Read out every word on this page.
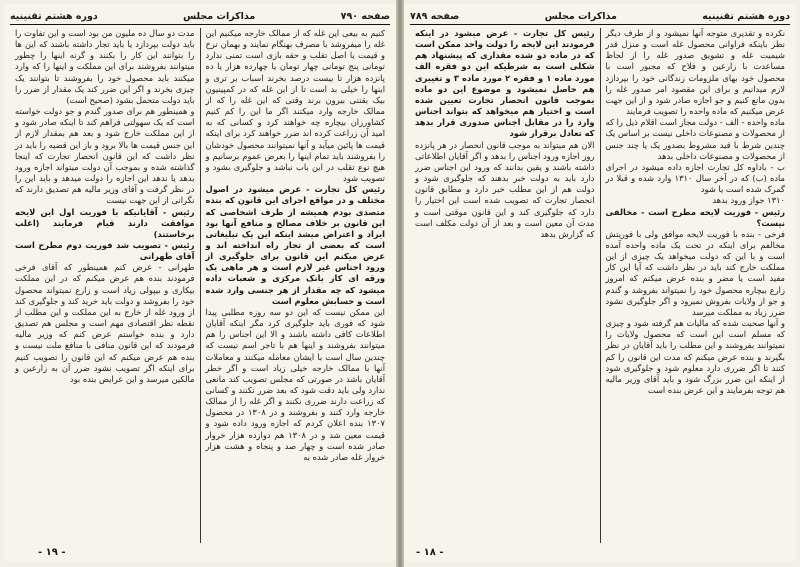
صفحه ۷۹۰
مذاکرات مجلس
دوره هشتم تقنینیه

کنیم به بیعی این غله که از ممالک خارجه میکنیم این غله را میفروشد با مصرف بهنگام نمایند و بهمان نرخ و قیمت یا اصل تقلب و حقه بازی است تمنی ندارد تومانی پنج تومانی چهار تومان یا چهارده هزار یا ده پانزده هزار تا بیست درصد بخرند اسباب بر تری و اینها را خیلی بد است تا از این غله که در کمپینیون بیک بقتنی بیرون برند وقتی که این غله را که از ممالک خارجه وارد میکنند اگر ما این را کم کنیم کشاورزان بیچاره چه خواهند کرد و کسانی که به امید آن زراعت کرده اند ضرر خواهند کرد برای اینکه قیمت ها پائین میآید و آنها نمیتوانند محصول خودشان را بفروشند باید تمام اینها را بعرض عموم برسانیم و هیچ نوع تقلب در این باب نباشد و جلوگیری بشود و تصویب شود

رئیس کل تجارت - عرض میشود در اصول مختلف و در مواقع اجرای این قانون که بنده متصدی بودم همیشه از طرف اشخاصی که این قانون بر خلاف مصالح و منافع آنها بود ایراد و اعتراض میشد اینکه این یک تبلیغاتی است که بعضی از تجار راه انداخته اند و عرض میکنم این قانون برای جلوگیری از ورود اجناس غیر لازم است و هر ماهی یک ورقه ای کار بانک مرکزی و شعبات داده میشود که چه مقدار از هر جنسی وارد شده است و حسابش معلوم است

این ممکن نیست که این دو سه روزه مطلبی پیدا شود که فوری باید جلوگیری کرد مگر اینکه آقایان اطلاعات کافی داشته باشند و الا این اجناس را هم میتوانند بفروشند و اینها هم با تاجر اسم نیست که چندین سال است با ایشان معامله میکنند و معاملات آنها با ممالک خارجه خیلی زیاد است و اگر خطر آقایان باشد در صورتی که مجلس تصویب کند مانعی ندارد ولی باید دقت شود که بعد ضرر نکنند و کسانی که زراعت دارند ضرری نکنند و اگر غله را از ممالک خارجه وارد کنند و بفروشند و در ۱۳۰۸ در محصول ۱۳۰۷ بنده اعلان کردم که اجازه ورود داده شود و قیمت معین شد و در ۱۳۰۸ هم دوازده هزار خروار صادر شده است و چهار صد و پنجاه و هشت هزار خروار غله صادر شده به

مدت دو سال ده ملیون من بود است و این تفاوت را باید دولت بپردازد یا باید تجار داشته باشند که این ها را بتوانند این کار را بکنند و گرنه اینها را چطور میتوانند بفروشند برای این مملکت و اینها را که وارد میکنند باید محصول خود را بفروشند تا بتوانند یک چیزی بخرند و اگر این ضرر کند یک مقدار از ضرر را باید دولت متحمل بشود (صحیح است)

و همینطور هم برای صدور گندم و جو دولت خواسته است که یک سهولتی فراهم کند تا اینکه صادر شود و از این مملکت خارج شود و بعد هم بمقدار لازم از این جنس قیمت ها بالا برود و باز این قضیه را باید در نظر داشت که این قانون انحصار تجارت که اینجا گذاشته شده و بموجب آن دولت میتواند اجازه ورود بدهد یا ندهد این اجازه را دولت میدهد و باید این را در نظر گرفت و آقای وزیر مالیه هم تصدیق دارند که نگرانی از این جهت نیست

رئیس - آقایانیکه با فوریت اول این لایحه موافقت دارند قیام فرمایند (اغلب برخاستند)

رئیس - تصویب شد فوریت دوم مطرح است آقای طهرانی

طهرانی - عرض کنم همینطور که آقای فرخی فرمودند بنده هم عرض میکنم که در این مملکت بیکاری و بیپولی زیاد است و زارع نمیتواند محصول خود را بفروشد و دولت باید خرید کند و جلوگیری کند از ورود غله از خارج به این مملکت و این مطلب از نقطه نظر اقتصادی مهم است و مجلس هم تصدیق دارد و بنده خواستم عرض کنم که وزیر مالیه فرمودند که این قانون منافی با منافع ملت نیست و بنده هم عرض میکنم که این قانون را تصویب کنیم برای اینکه اگر تصویب نشود ضرر آن به زارعین و مالکین میرسد و این عرایض بنده بود

- ۱۹ -
دوره هشتم تقنینیه
مذاکرات مجلس
صفحه ۷۸۹

نکرده و تقدیری متوجه آنها نمیشود و از طرف دیگر نظر باینکه فراوانی محصول غله است و منزل قدر شیمیت غله و تشویق صدور غله را از لحاظ مساعدت با زارعین و فلاح که مجبور است با محصول خود بهای ملزومات زندگانی خود را بپردازد لازم میدانیم و برای این مقصود امر صدور غله را بدون مانع کنیم و جو اجازه صادر شود و از این جهت عرض میکنیم که ماده واحده را تصویب فرمایند

ماده واحده - الف - دولت مجاز است اقلام ذیل را که از محصولات و مصنوعات داخلی نیست بر اساس یک چندین شرط با قید مشروط بصدور یک یا چند جنس از محصولات و مصنوعات داخلی بدهد

ب - باداوه کل تجارت اجازه داده میشود در اجرای ماده (ب) که در آخر سال ۱۳۱۰ وارد شده و قبلا در گمرک شده است یا شود

۱۳۱۰ جواز ورود بدهد

رئیس - فوریت لایحه مطرح است - مخالفی نیست؟

فرخی - بنده با فوریت لایحه موافق ولی با فوریتش مخالفم برای اینکه در تحت یک ماده واحده آمده است و با این که دولت میخواهد یک چیزی از این مملکت خارج کند باید در نظر داشت که آیا این کار مفید است یا مضر و بنده عرض میکنم که امروز زارع بیچاره محصول خود را نمیتواند بفروشد و گندم و جو از ولایات بفروش نمیرود و اگر جلوگیری نشود ضرر زیاد به مملکت میرسد

و آنها صحبت شده که مالیات هم گرفته شود و چیزی که مسلم است این است که محصول ولایات را نمیتوانند بفروشند و این مطلب را باید آقایان در نظر بگیرند و بنده عرض میکنم که مدت این قانون را کم کنند تا اگر ضرری دارد معلوم شود و جلوگیری شود از اینکه این ضرر بزرگ شود و باید آقای وزیر مالیه هم توجه بفرمایند و این عرض بنده است

رئیس کل تجارت - عرض میشود در اینکه فرمودند این لایحه را دولت واحد ممکن است که در ماده دو شده مقداری که پیشنهاد هم شکلی است به شرطیکه این دو فقره الف مورد ماده ۱ و فقره ۲ مورد ماده ۳ و تغییری هم حاصل نمیشود و موضوع این دو ماده بموجب قانون انحصار تجارت تعیین شده است و اختیار هم میخواهد که بتواند اجناس وارد را در مقابل اجناس صدوری قرار بدهد که تعادل برقرار شود

الان هم میتواند به موجب قانون انحصار در هر پانزده روز اجازه ورود اجناس را بدهد و اگر آقایان اطلاعاتی داشته باشند و یقین بدانند که ورود این اجناس ضرر دارد باید به دولت خبر بدهند که جلوگیری شود و دولت هم از این مطلب خبر دارد و مطابق قانون انحصار تجارت که تصویب شده است این اختیار را دارد که جلوگیری کند و این قانون موقتی است و مدت آن معین است و بعد از آن دولت مکلف است که گزارش بدهد

- ۱۸ -
